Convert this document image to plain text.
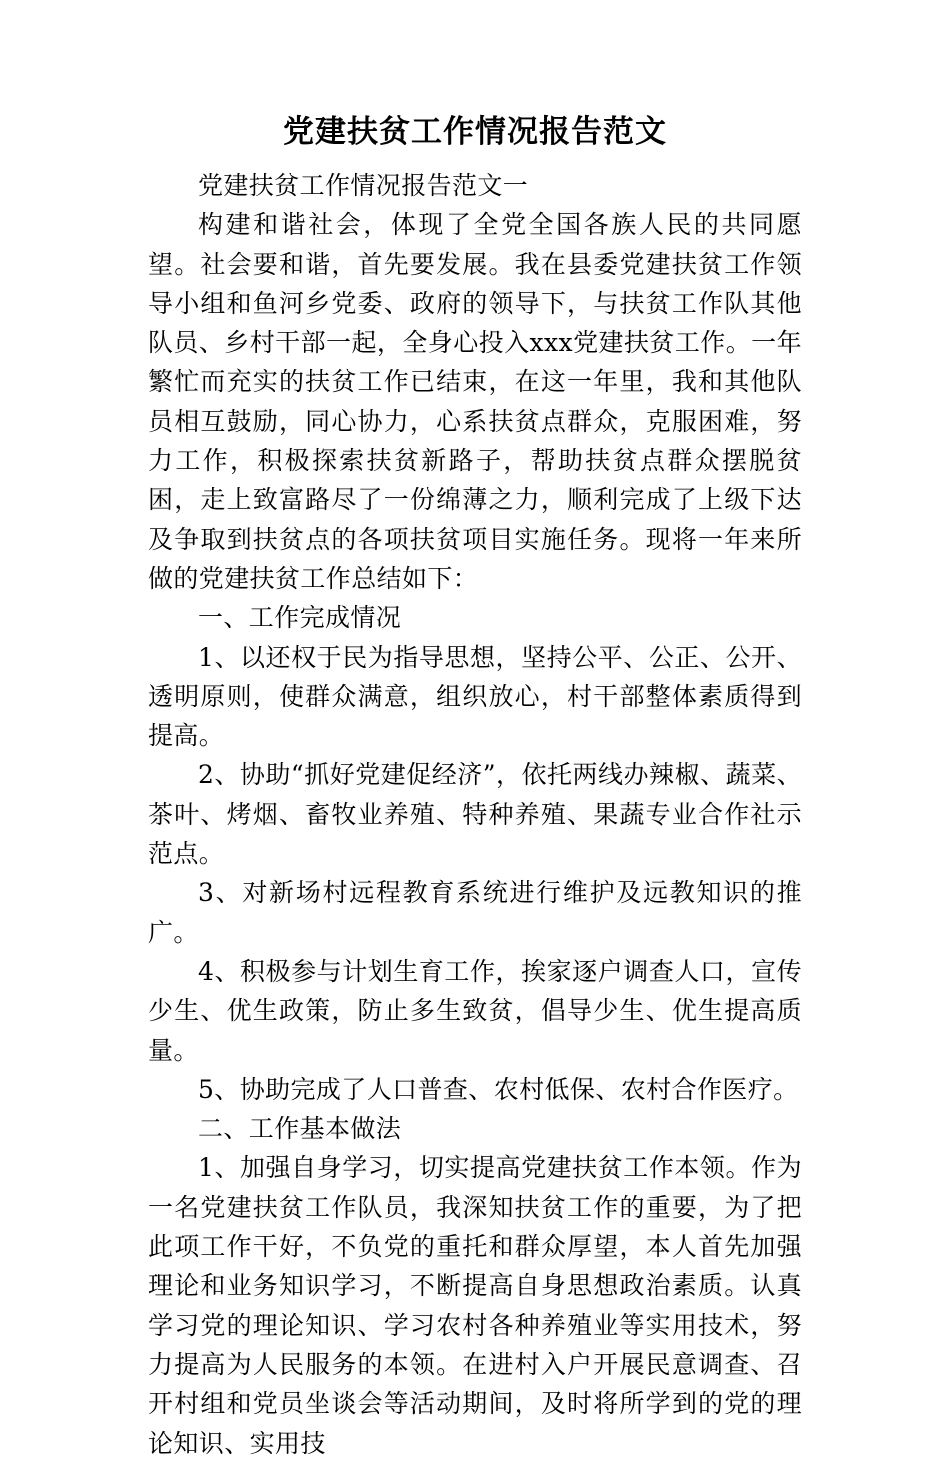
党建扶贫工作情况报告范文

党建扶贫工作情况报告范文一

构建和谐社会，体现了全党全国各族人民的共同愿望。社会要和谐，首先要发展。我在县委党建扶贫工作领导小组和鱼河乡党委、政府的领导下，与扶贫工作队其他队员、乡村干部一起，全身心投入xxx党建扶贫工作。一年繁忙而充实的扶贫工作已结束，在这一年里，我和其他队员相互鼓励，同心协力，心系扶贫点群众，克服困难，努力工作，积极探索扶贫新路子，帮助扶贫点群众摆脱贫困，走上致富路尽了一份绵薄之力，顺利完成了上级下达及争取到扶贫点的各项扶贫项目实施任务。现将一年来所做的党建扶贫工作总结如下：

一、工作完成情况

1、以还权于民为指导思想，坚持公平、公正、公开、透明原则，使群众满意，组织放心，村干部整体素质得到提高。

2、协助“抓好党建促经济”，依托两线办辣椒、蔬菜、茶叶、烤烟、畜牧业养殖、特种养殖、果蔬专业合作社示范点。

3、对新场村远程教育系统进行维护及远教知识的推广。

4、积极参与计划生育工作，挨家逐户调查人口，宣传少生、优生政策，防止多生致贫，倡导少生、优生提高质量。

5、协助完成了人口普查、农村低保、农村合作医疗。

二、工作基本做法

1、加强自身学习，切实提高党建扶贫工作本领。作为一名党建扶贫工作队员，我深知扶贫工作的重要，为了把此项工作干好，不负党的重托和群众厚望，本人首先加强理论和业务知识学习，不断提高自身思想政治素质。认真学习党的理论知识、学习农村各种养殖业等实用技术，努力提高为人民服务的本领。在进村入户开展民意调查、召开村组和党员坐谈会等活动期间，及时将所学到的党的理论知识、实用技
